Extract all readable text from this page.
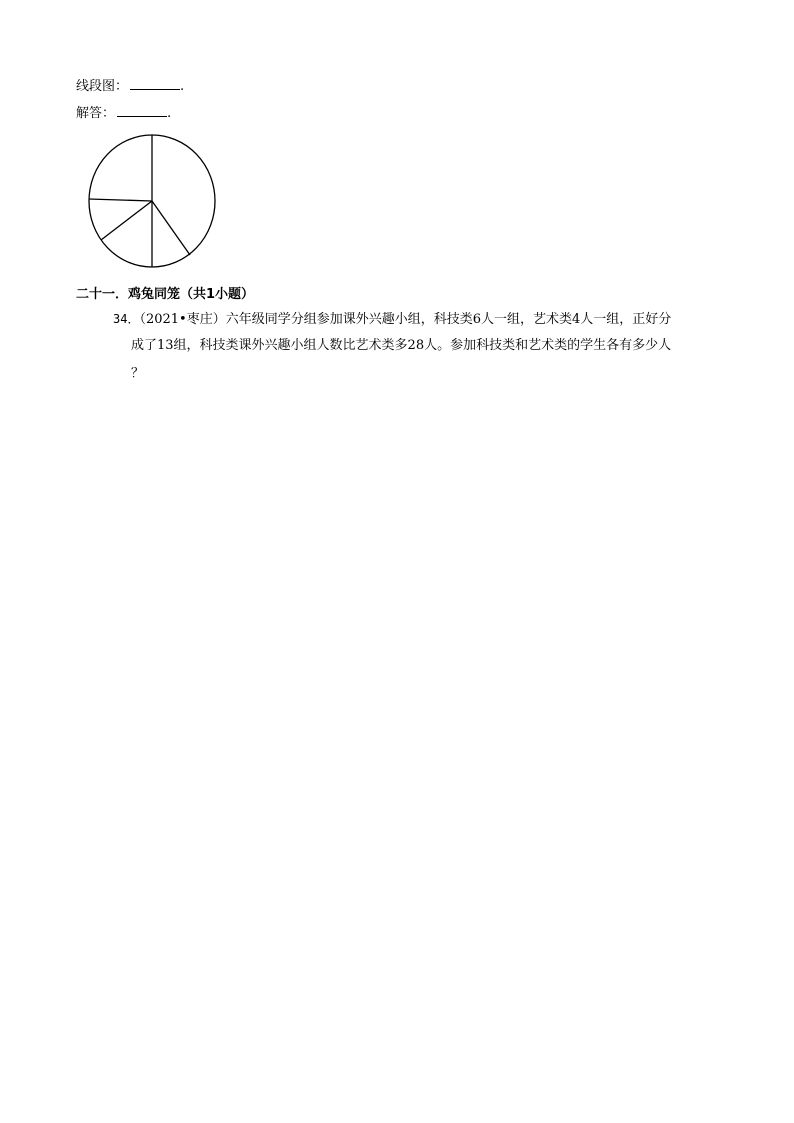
线段图：	.
解答：	.
二十一．鸡兔同笼（共1小题）
34．（2021•枣庄）六年级同学分组参加课外兴趣小组，科技类6人一组，艺术类4人一组，正好分
成了13组，科技类课外兴趣小组人数比艺术类多28人。参加科技类和艺术类的学生各有多少人
？
